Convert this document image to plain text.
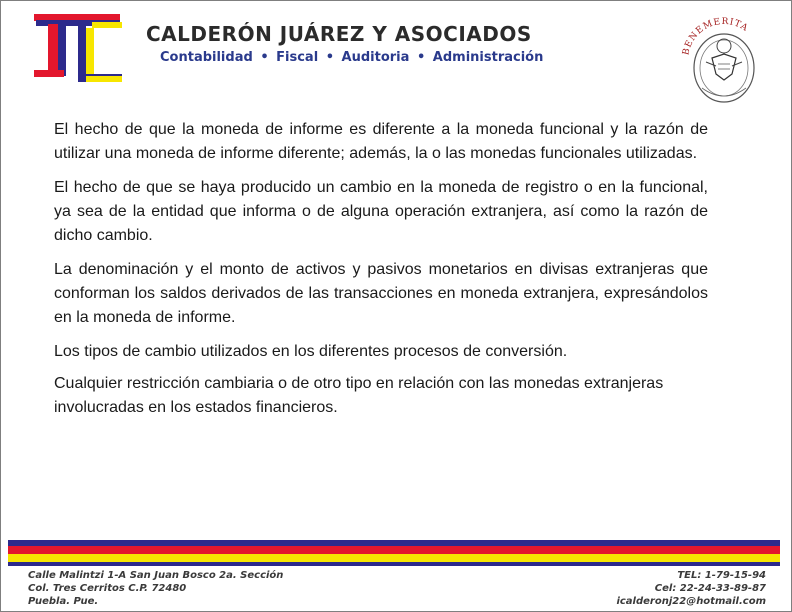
CALDERÓN JUÁREZ Y ASOCIADOS
Contabilidad • Fiscal • Auditoria • Administración	BENEMERITA

El hecho de que la moneda de informe es diferente a la moneda funcional y la razón de utilizar una moneda de informe diferente; además, la o las monedas funcionales utilizadas.

El hecho de que se haya producido un cambio en la moneda de registro o en la funcional, ya sea de la entidad que informa o de alguna operación extranjera, así como la razón de dicho cambio.

La denominación y el monto de activos y pasivos monetarios en divisas extranjeras que conforman los saldos derivados de las transacciones en moneda extranjera, expresándolos en la moneda de informe.

Los tipos de cambio utilizados en los diferentes procesos de conversión.

Cualquier restricción cambiaria o de otro tipo en relación con las monedas extranjeras involucradas en los estados financieros.

Calle Malintzi 1-A San Juan Bosco 2a. Sección
Col. Tres Cerritos C.P. 72480
Puebla. Pue.
TEL: 1-79-15-94
Cel: 22-24-33-89-87
icalderonj22@hotmail.com
